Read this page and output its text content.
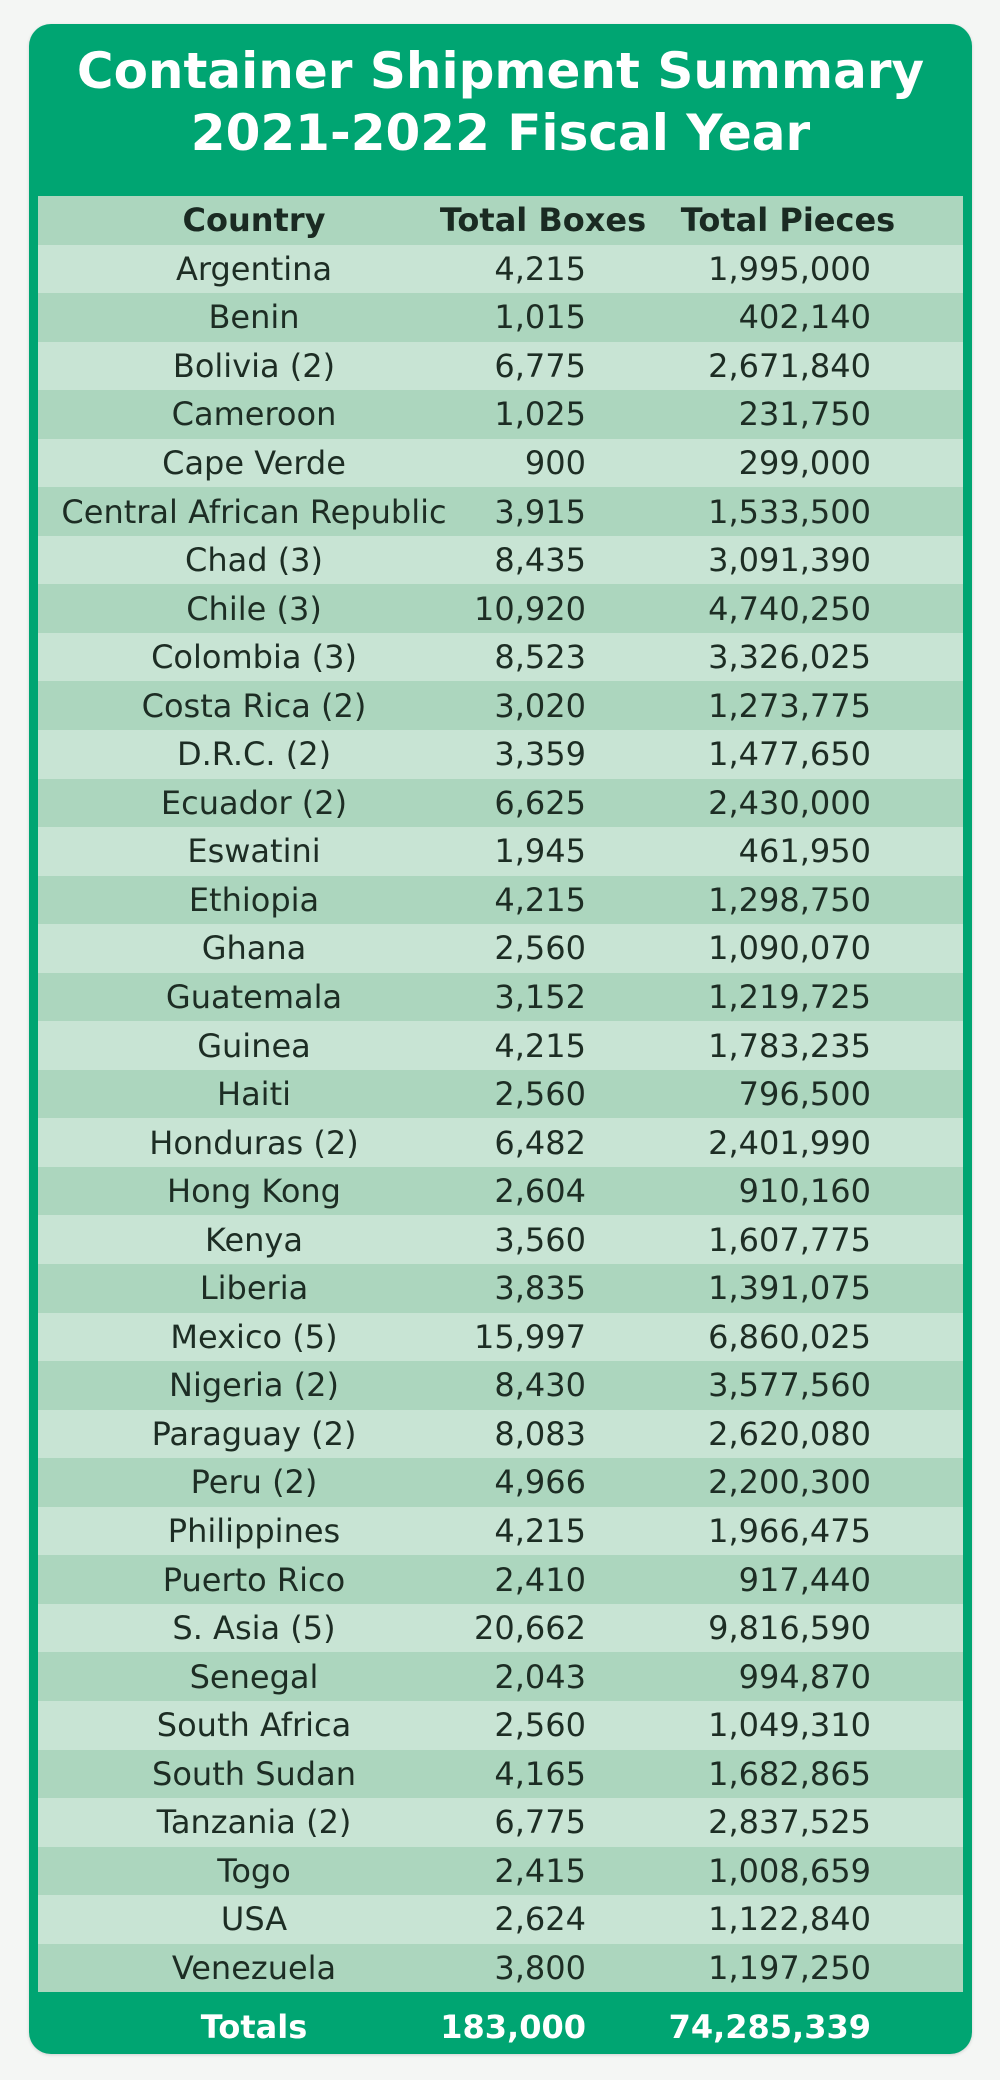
Container Shipment Summary
2021-2022 Fiscal Year
Country	Total Boxes Total Pieces
Argentina	4,215	1,995,000
Benin	1,015	402,140
Bolivia (2)	6,775	2,671,840
Cameroon	1,025	231,750
Cape Verde	900	299,000
Central African Republic	3,915	1,533,500
Chad (3)	8,435	3,091,390
Chile (3)	10,920	4,740,250
Colombia (3)	8,523	3,326,025
Costa Rica (2)	3,020	1,273,775
D.R.C. (2)	3,359	1,477,650
Ecuador (2)	6,625	2,430,000
Eswatini	1,945	461,950
Ethiopia	4,215	1,298,750
Ghana	2,560	1,090,070
Guatemala	3,152	1,219,725
Guinea	4,215	1,783,235
Haiti	2,560	796,500
Honduras (2)	6,482	2,401,990
Hong Kong	2,604	910,160
Kenya	3,560	1,607,775
Liberia	3,835	1,391,075
Mexico (5)	15,997	6,860,025
Nigeria (2)	8,430	3,577,560
Paraguay (2)	8,083	2,620,080
Peru (2)	4,966	2,200,300
Philippines	4,215	1,966,475
Puerto Rico	2,410	917,440
S. Asia (5)	20,662	9,816,590
Senegal	2,043	994,870
South Africa	2,560	1,049,310
South Sudan	4,165	1,682,865
Tanzania (2)	6,775	2,837,525
Togo	2,415	1,008,659
USA	2,624	1,122,840
Venezuela	3,800	1,197,250
Totals	183,000	74,285,339
